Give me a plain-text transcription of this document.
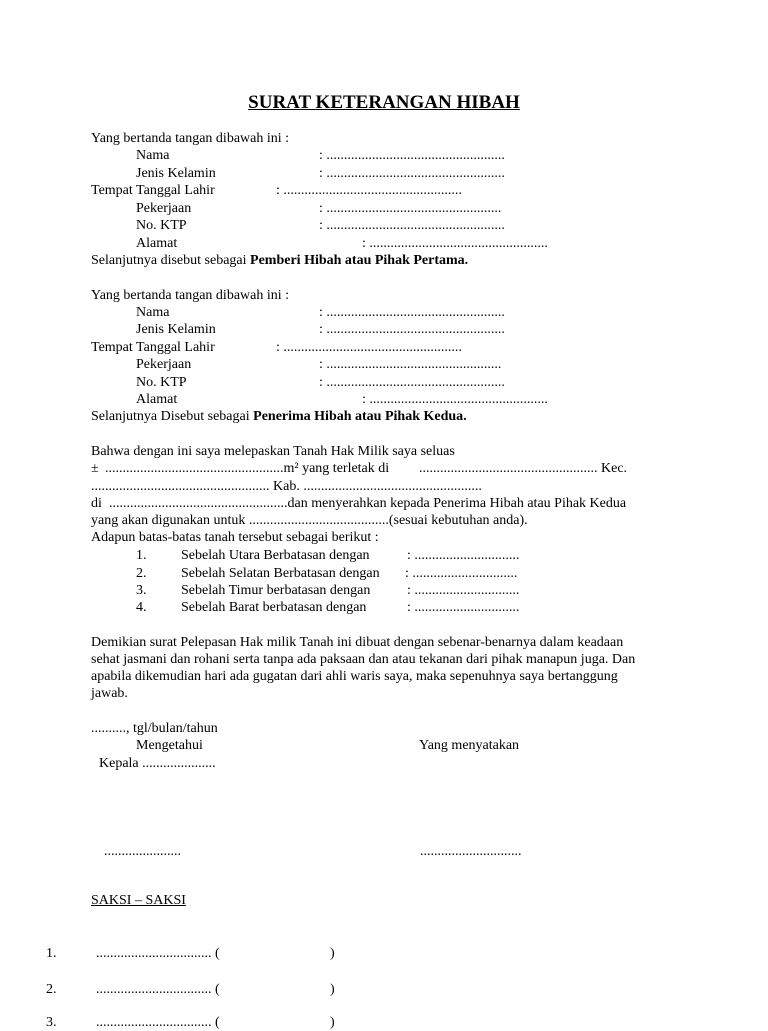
SURAT KETERANGAN HIBAH
Yang bertanda tangan dibawah ini :
Nama	: ...................................................
Jenis Kelamin	: ...................................................
Tempat Tanggal Lahir	: ...................................................
Pekerjaan	: ..................................................
No. KTP	: ...................................................
Alamat	: ...................................................
Selanjutnya disebut sebagai Pemberi Hibah atau Pihak Pertama.
Yang bertanda tangan dibawah ini :
Nama	: ...................................................
Jenis Kelamin	: ...................................................
Tempat Tanggal Lahir	: ...................................................
Pekerjaan	: ..................................................
No. KTP	: ...................................................
Alamat	: ...................................................
Selanjutnya Disebut sebagai Penerima Hibah atau Pihak Kedua.
Bahwa dengan ini saya melepaskan Tanah Hak Milik saya seluas
± ...................................................m² yang terletak di ................................................... Kec.
................................................... Kab. ...................................................
di ...................................................dan menyerahkan kepada Penerima Hibah atau Pihak Kedua
yang akan digunakan untuk ........................................(sesuai kebutuhan anda).
Adapun batas-batas tanah tersebut sebagai berikut :
1. Sebelah Utara Berbatasan dengan	: ..............................
2. Sebelah Selatan Berbatasan dengan : ..............................
3. Sebelah Timur berbatasan dengan	: ..............................
4. Sebelah Barat berbatasan dengan	: ..............................
Demikian surat Pelepasan Hak milik Tanah ini dibuat dengan sebenar-benarnya dalam keadaan
sehat jasmani dan rohani serta tanpa ada paksaan dan atau tekanan dari pihak manapun juga. Dan
apabila dikemudian hari ada gugatan dari ahli waris saya, maka sepenuhnya saya bertanggung
jawab.
.........., tgl/bulan/tahun
Mengetahui	Yang menyatakan
Kepala .....................
......................	.............................
SAKSI – SAKSI
1.	................................. (	)
2.	................................. (	)
3.	................................. (	)
